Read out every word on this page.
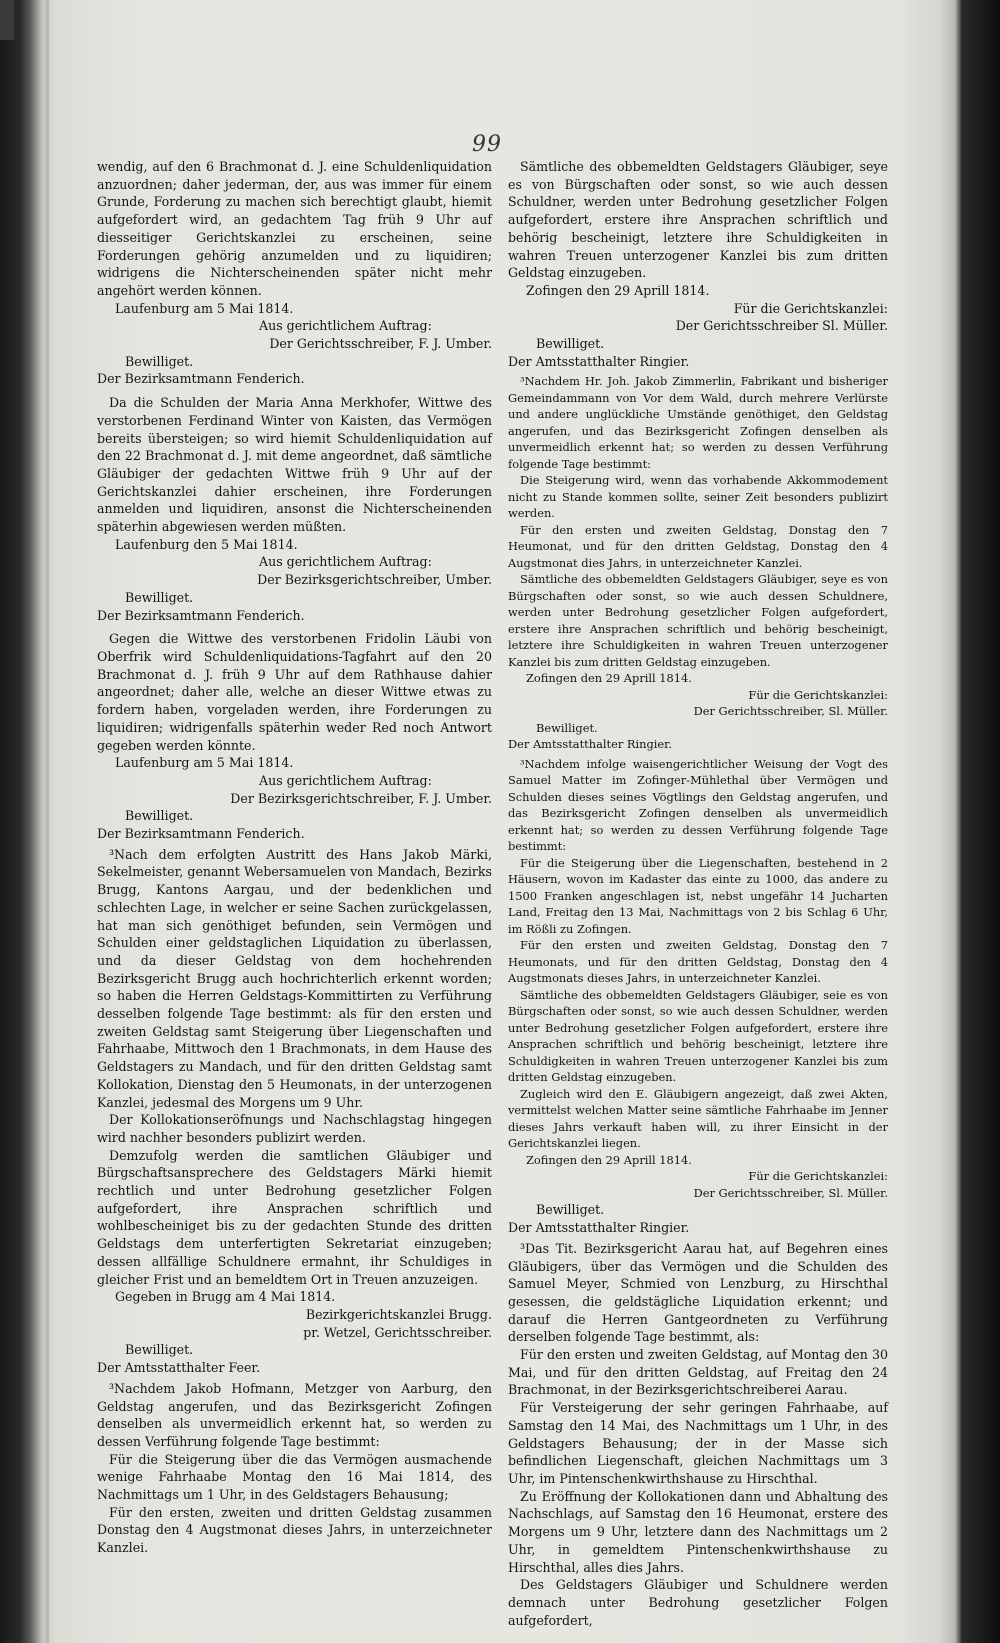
99
wendig, auf den 6 Brachmonat d. J. eine Schuldenliquidation anzuordnen; daher jederman, der, aus was immer für einem Grunde, Forderung zu machen sich berechtigt glaubt, hiemit aufgefordert wird, an gedachtem Tag früh 9 Uhr auf diesseitiger Gerichtskanzlei zu erscheinen, seine Forderungen gehörig anzumelden und zu liquidiren; widrigens die Nichterscheinenden später nicht mehr angehört werden können.
Laufenburg am 5 Mai 1814.
Aus gerichtlichem Auftrag:
Der Gerichtsschreiber, F. J. Umber.
Bewilliget.
Der Bezirksamtmann Fenderich.
Da die Schulden der Maria Anna Merkhofer, Wittwe des verstorbenen Ferdinand Winter von Kaisten, das Vermögen bereits übersteigen; so wird hiemit Schuldenliquidation auf den 22 Brachmonat d. J. mit deme angeordnet, daß sämtliche Gläubiger der gedachten Wittwe früh 9 Uhr auf der Gerichtskanzlei dahier erscheinen, ihre Forderungen anmelden und liquidiren, ansonst die Nichterscheinenden späterhin abgewiesen werden müßten.
Laufenburg den 5 Mai 1814.
Aus gerichtlichem Auftrag:
Der Bezirksgerichtschreiber, Umber.
Bewilliget.
Der Bezirksamtmann Fenderich.
Gegen die Wittwe des verstorbenen Fridolin Läubi von Oberfrik wird Schuldenliquidations-Tagfahrt auf den 20 Brachmonat d. J. früh 9 Uhr auf dem Rathhause dahier angeordnet; daher alle, welche an dieser Wittwe etwas zu fordern haben, vorgeladen werden, ihre Forderungen zu liquidiren; widrigenfalls späterhin weder Red noch Antwort gegeben werden könnte.
Laufenburg am 5 Mai 1814.
Aus gerichtlichem Auftrag:
Der Bezirksgerichtschreiber, F. J. Umber.
Bewilliget.
Der Bezirksamtmann Fenderich.
³Nach dem erfolgten Austritt des Hans Jakob Märki, Sekelmeister, genannt Webersamuelen von Mandach, Bezirks Brugg, Kantons Aargau, und der bedenklichen und schlechten Lage, in welcher er seine Sachen zurückgelassen, hat man sich genöthiget befunden, sein Vermögen und Schulden einer geldstaglichen Liquidation zu überlassen, und da dieser Geldstag von dem hochehrenden Bezirksgericht Brugg auch hochrichterlich erkennt worden; so haben die Herren Geldstags-Kommittirten zu Verführung desselben folgende Tage bestimmt: als für den ersten und zweiten Geldstag samt Steigerung über Liegenschaften und Fahrhaabe, Mittwoch den 1 Brachmonats, in dem Hause des Geldstagers zu Mandach, und für den dritten Geldstag samt Kollokation, Dienstag den 5 Heumonats, in der unterzogenen Kanzlei, jedesmal des Morgens um 9 Uhr.
Der Kollokationseröfnungs und Nachschlagstag hingegen wird nachher besonders publizirt werden.
Demzufolg werden die samtlichen Gläubiger und Bürgschaftsansprechere des Geldstagers Märki hiemit rechtlich und unter Bedrohung gesetzlicher Folgen aufgefordert, ihre Ansprachen schriftlich und wohlbescheiniget bis zu der gedachten Stunde des dritten Geldstags dem unterfertigten Sekretariat einzugeben; dessen allfällige Schuldnere ermahnt, ihr Schuldiges in gleicher Frist und an bemeldtem Ort in Treuen anzuzeigen.
Gegeben in Brugg am 4 Mai 1814.
Bezirkgerichtskanzlei Brugg.
pr. Wetzel, Gerichtsschreiber.
Bewilliget.
Der Amtsstatthalter Feer.
³Nachdem Jakob Hofmann, Metzger von Aarburg, den Geldstag angerufen, und das Bezirksgericht Zofingen denselben als unvermeidlich erkennt hat, so werden zu dessen Verführung folgende Tage bestimmt:
Für die Steigerung über die das Vermögen ausmachende wenige Fahrhaabe Montag den 16 Mai 1814, des Nachmittags um 1 Uhr, in des Geldstagers Behausung;
Für den ersten, zweiten und dritten Geldstag zusammen Donstag den 4 Augstmonat dieses Jahrs, in unterzeichneter Kanzlei.
Sämtliche des obbemeldten Geldstagers Gläubiger, seye es von Bürgschaften oder sonst, so wie auch dessen Schuldner, werden unter Bedrohung gesetzlicher Folgen aufgefordert, erstere ihre Ansprachen schriftlich und behörig bescheinigt, letztere ihre Schuldigkeiten in wahren Treuen unterzogener Kanzlei bis zum dritten Geldstag einzugeben.
Zofingen den 29 Aprill 1814.
Für die Gerichtskanzlei:
Der Gerichtsschreiber Sl. Müller.
Bewilliget.
Der Amtsstatthalter Ringier.
³Nachdem Hr. Joh. Jakob Zimmerlin, Fabrikant und bisheriger Gemeindammann von Vor dem Wald, durch mehrere Verlürste und andere unglückliche Umstände genöthiget, den Geldstag angerufen, und das Bezirksgericht Zofingen denselben als unvermeidlich erkennt hat; so werden zu dessen Verführung folgende Tage bestimmt:
Die Steigerung wird, wenn das vorhabende Akkommodement nicht zu Stande kommen sollte, seiner Zeit besonders publizirt werden.
Für den ersten und zweiten Geldstag, Donstag den 7 Heumonat, und für den dritten Geldstag, Donstag den 4 Augstmonat dies Jahrs, in unterzeichneter Kanzlei.
Sämtliche des obbemeldten Geldstagers Gläubiger, seye es von Bürgschaften oder sonst, so wie auch dessen Schuldnere, werden unter Bedrohung gesetzlicher Folgen aufgefordert, erstere ihre Ansprachen schriftlich und behörig bescheinigt, letztere ihre Schuldigkeiten in wahren Treuen unterzogener Kanzlei bis zum dritten Geldstag einzugeben.
Zofingen den 29 Aprill 1814.
Für die Gerichtskanzlei:
Der Gerichtsschreiber, Sl. Müller.
Bewilliget.
Der Amtsstatthalter Ringier.
³Nachdem infolge waisengerichtlicher Weisung der Vogt des Samuel Matter im Zofinger-Mühlethal über Vermögen und Schulden dieses seines Vögtlings den Geldstag angerufen, und das Bezirksgericht Zofingen denselben als unvermeidlich erkennt hat; so werden zu dessen Verführung folgende Tage bestimmt:
Für die Steigerung über die Liegenschaften, bestehend in 2 Häusern, wovon im Kadaster das einte zu 1000, das andere zu 1500 Franken angeschlagen ist, nebst ungefähr 14 Jucharten Land, Freitag den 13 Mai, Nachmittags von 2 bis Schlag 6 Uhr, im Rößli zu Zofingen.
Für den ersten und zweiten Geldstag, Donstag den 7 Heumonats, und für den dritten Geldstag, Donstag den 4 Augstmonats dieses Jahrs, in unterzeichneter Kanzlei.
Sämtliche des obbemeldten Geldstagers Gläubiger, seie es von Bürgschaften oder sonst, so wie auch dessen Schuldner, werden unter Bedrohung gesetzlicher Folgen aufgefordert, erstere ihre Ansprachen schriftlich und behörig bescheinigt, letztere ihre Schuldigkeiten in wahren Treuen unterzogener Kanzlei bis zum dritten Geldstag einzugeben.
Zugleich wird den E. Gläubigern angezeigt, daß zwei Akten, vermittelst welchen Matter seine sämtliche Fahrhaabe im Jenner dieses Jahrs verkauft haben will, zu ihrer Einsicht in der Gerichtskanzlei liegen.
Zofingen den 29 Aprill 1814.
Für die Gerichtskanzlei:
Der Gerichtsschreiber, Sl. Müller.
Bewilliget.
Der Amtsstatthalter Ringier.
³Das Tit. Bezirksgericht Aarau hat, auf Begehren eines Gläubigers, über das Vermögen und die Schulden des Samuel Meyer, Schmied von Lenzburg, zu Hirschthal gesessen, die geldstägliche Liquidation erkennt; und darauf die Herren Gantgeordneten zu Verführung derselben folgende Tage bestimmt, als:
Für den ersten und zweiten Geldstag, auf Montag den 30 Mai, und für den dritten Geldstag, auf Freitag den 24 Brachmonat, in der Bezirksgerichtschreiberei Aarau.
Für Versteigerung der sehr geringen Fahrhaabe, auf Samstag den 14 Mai, des Nachmittags um 1 Uhr, in des Geldstagers Behausung; der in der Masse sich befindlichen Liegenschaft, gleichen Nachmittags um 3 Uhr, im Pintenschenkwirthshause zu Hirschthal.
Zu Eröffnung der Kollokationen dann und Abhaltung des Nachschlags, auf Samstag den 16 Heumonat, erstere des Morgens um 9 Uhr, letztere dann des Nachmittags um 2 Uhr, in gemeldtem Pintenschenkwirthshause zu Hirschthal, alles dies Jahrs.
Des Geldstagers Gläubiger und Schuldnere werden demnach unter Bedrohung gesetzlicher Folgen aufgefordert,
